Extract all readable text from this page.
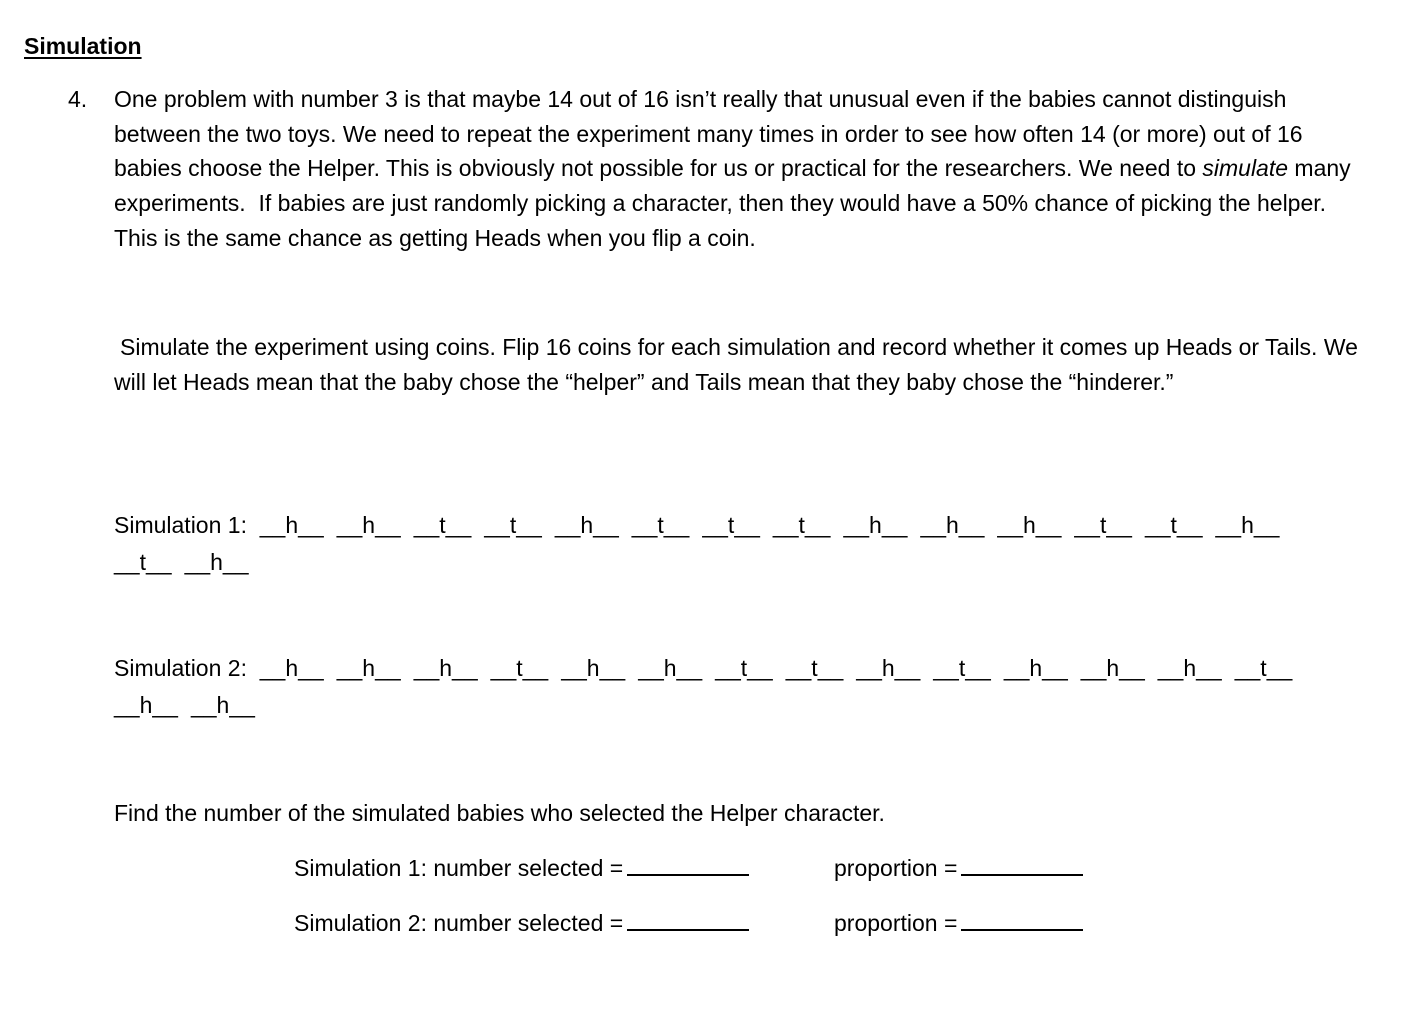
Simulation
4. One problem with number 3 is that maybe 14 out of 16 isn’t really that unusual even if the babies cannot distinguish between the two toys. We need to repeat the experiment many times in order to see how often 14 (or more) out of 16 babies choose the Helper. This is obviously not possible for us or practical for the researchers. We need to simulate many experiments.  If babies are just randomly picking a character, then they would have a 50% chance of picking the helper.  This is the same chance as getting Heads when you flip a coin.
Simulate the experiment using coins. Flip 16 coins for each simulation and record whether it comes up Heads or Tails. We will let Heads mean that the baby chose the “helper” and Tails mean that they baby chose the “hinderer.”
Simulation 1: __h__ __h__ __t__ __t__ __h__ __t__ __t__ __t__ __h__ __h__ __h__ __t__ __t__ __h__
__t__ __h__
Simulation 2: __h__ __h__ __h__ __t__ __h__ __h__ __t__ __t__ __h__ __t__ __h__ __h__ __h__ __t__
__h__ __h__
Find the number of the simulated babies who selected the Helper character.
Simulation 1: number selected =	proportion =
Simulation 2: number selected =	proportion =
